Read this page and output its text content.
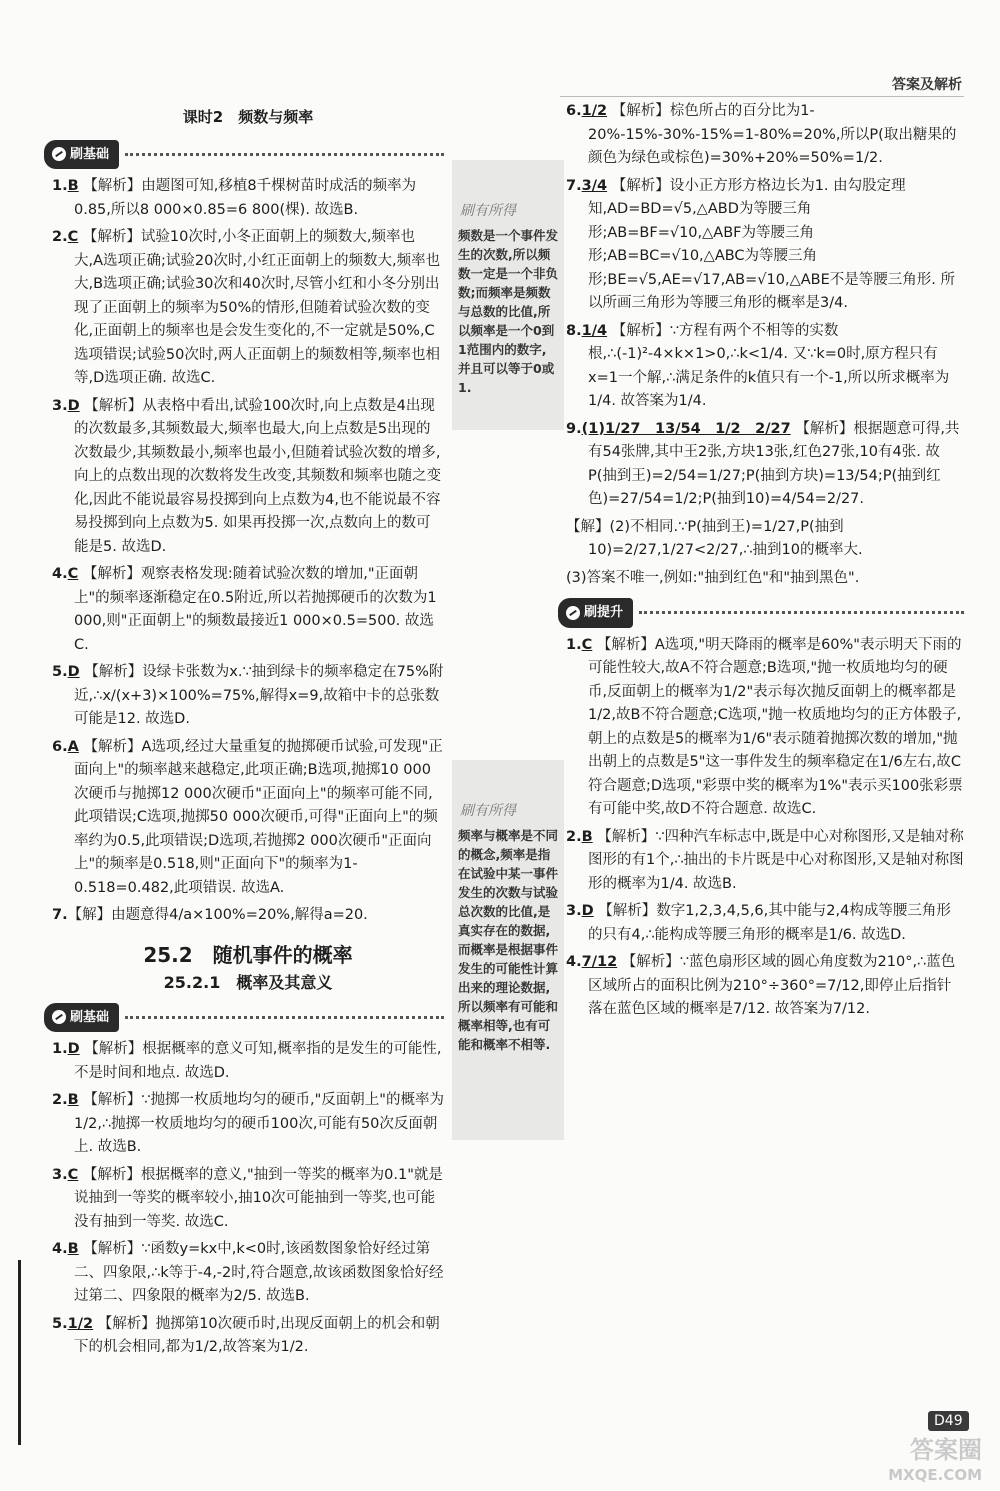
答案及解析
课时2　频数与频率
刷基础
1.B 【解析】由题图可知,移植8千棵树苗时成活的频率为0.85,所以8 000×0.85=6 800(棵). 故选B.
2.C 【解析】试验10次时,小冬正面朝上的频数大,频率也大,A选项正确;试验20次时,小红正面朝上的频数大,频率也大,B选项正确;试验30次和40次时,尽管小红和小冬分别出现了正面朝上的频率为50%的情形,但随着试验次数的变化,正面朝上的频率也是会发生变化的,不一定就是50%,C选项错误;试验50次时,两人正面朝上的频数相等,频率也相等,D选项正确. 故选C.
3.D 【解析】从表格中看出,试验100次时,向上点数是4出现的次数最多,其频数最大,频率也最大,向上点数是5出现的次数最少,其频数最小,频率也最小,但随着试验次数的增多,向上的点数出现的次数将发生改变,其频数和频率也随之变化,因此不能说最容易投掷到向上点数为4,也不能说最不容易投掷到向上点数为5. 如果再投掷一次,点数向上的数可能是5. 故选D.
4.C 【解析】观察表格发现:随着试验次数的增加,"正面朝上"的频率逐渐稳定在0.5附近,所以若抛掷硬币的次数为1 000,则"正面朝上"的频数最接近1 000×0.5=500. 故选C.
5.D 【解析】设绿卡张数为x.∵抽到绿卡的频率稳定在75%附近,∴x/(x+3)×100%=75%,解得x=9,故箱中卡的总张数可能是12. 故选D.
6.A 【解析】A选项,经过大量重复的抛掷硬币试验,可发现"正面向上"的频率越来越稳定,此项正确;B选项,抛掷10 000次硬币与抛掷12 000次硬币"正面向上"的频率可能不同,此项错误;C选项,抛掷50 000次硬币,可得"正面向上"的频率约为0.5,此项错误;D选项,若抛掷2 000次硬币"正面向上"的频率是0.518,则"正面向下"的频率为1-0.518=0.482,此项错误. 故选A.
7.【解】由题意得4/a×100%=20%,解得a=20.
25.2　随机事件的概率
25.2.1　概率及其意义
刷基础
1.D 【解析】根据概率的意义可知,概率指的是发生的可能性,不是时间和地点. 故选D.
2.B 【解析】∵抛掷一枚质地均匀的硬币,"反面朝上"的概率为1/2,∴抛掷一枚质地均匀的硬币100次,可能有50次反面朝上. 故选B.
3.C 【解析】根据概率的意义,"抽到一等奖的概率为0.1"就是说抽到一等奖的概率较小,抽10次可能抽到一等奖,也可能没有抽到一等奖. 故选C.
4.B 【解析】∵函数y=kx中,k<0时,该函数图象恰好经过第二、四象限,∴k等于-4,-2时,符合题意,故该函数图象恰好经过第二、四象限的概率为2/5. 故选B.
5.1/2 【解析】抛掷第10次硬币时,出现反面朝上的机会和朝下的机会相同,都为1/2,故答案为1/2.
刷有所得
频数是一个事件发生的次数,所以频数一定是一个非负数;而频率是频数与总数的比值,所以频率是一个0到1范围内的数字,并且可以等于0或1.
刷有所得
频率与概率是不同的概念,频率是指在试验中某一事件发生的次数与试验总次数的比值,是真实存在的数据,而概率是根据事件发生的可能性计算出来的理论数据,所以频率有可能和概率相等,也有可能和概率不相等.
6.1/2 【解析】棕色所占的百分比为1-20%-15%-30%-15%=1-80%=20%,所以P(取出糖果的颜色为绿色或棕色)=30%+20%=50%=1/2.
7.3/4 【解析】设小正方形方格边长为1. 由勾股定理知,AD=BD=√5,△ABD为等腰三角形;AB=BF=√10,△ABF为等腰三角形;AB=BC=√10,△ABC为等腰三角形;BE=√5,AE=√17,AB=√10,△ABE不是等腰三角形. 所以所画三角形为等腰三角形的概率是3/4.
8.1/4 【解析】∵方程有两个不相等的实数根,∴(-1)²-4×k×1>0,∴k<1/4. 又∵k=0时,原方程只有x=1一个解,∴满足条件的k值只有一个-1,所以所求概率为1/4. 故答案为1/4.
9.(1)1/27　13/54　1/2　2/27 【解析】根据题意可得,共有54张牌,其中王2张,方块13张,红色27张,10有4张. 故P(抽到王)=2/54=1/27;P(抽到方块)=13/54;P(抽到红色)=27/54=1/2;P(抽到10)=4/54=2/27.
【解】(2)不相同.∵P(抽到王)=1/27,P(抽到10)=2/27,1/27<2/27,∴抽到10的概率大.
(3)答案不唯一,例如:"抽到红色"和"抽到黑色".
刷提升
1.C 【解析】A选项,"明天降雨的概率是60%"表示明天下雨的可能性较大,故A不符合题意;B选项,"抛一枚质地均匀的硬币,反面朝上的概率为1/2"表示每次抛反面朝上的概率都是1/2,故B不符合题意;C选项,"抛一枚质地均匀的正方体骰子,朝上的点数是5的概率为1/6"表示随着抛掷次数的增加,"抛出朝上的点数是5"这一事件发生的频率稳定在1/6左右,故C符合题意;D选项,"彩票中奖的概率为1%"表示买100张彩票有可能中奖,故D不符合题意. 故选C.
2.B 【解析】∵四种汽车标志中,既是中心对称图形,又是轴对称图形的有1个,∴抽出的卡片既是中心对称图形,又是轴对称图形的概率为1/4. 故选B.
3.D 【解析】数字1,2,3,4,5,6,其中能与2,4构成等腰三角形的只有4,∴能构成等腰三角形的概率是1/6. 故选D.
4.7/12 【解析】∵蓝色扇形区域的圆心角度数为210°,∴蓝色区域所占的面积比例为210°÷360°=7/12,即停止后指针落在蓝色区域的概率是7/12. 故答案为7/12.
D49
答案圈
MXQE.COM
